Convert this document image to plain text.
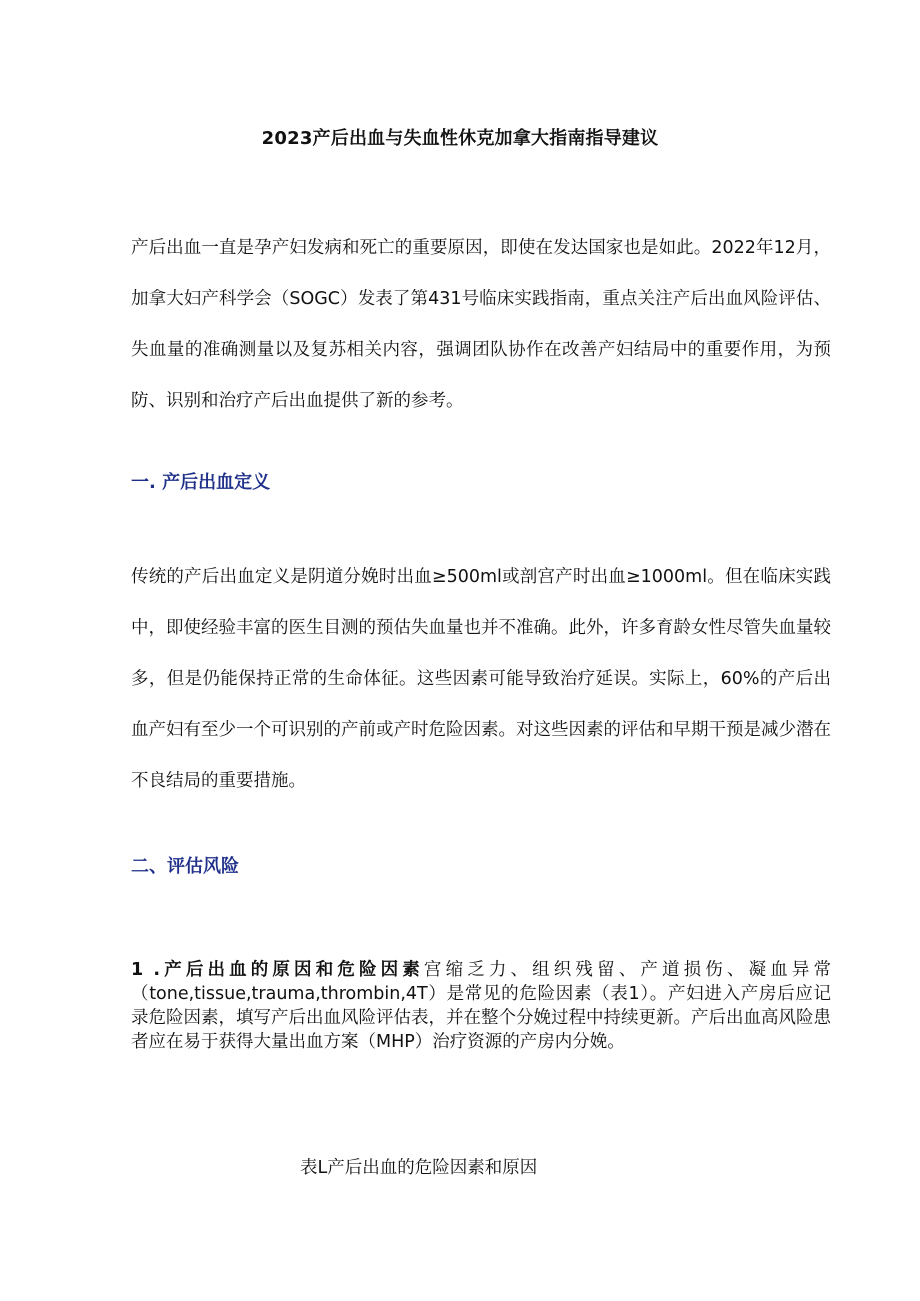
2023产后出血与失血性休克加拿大指南指导建议

产后出血一直是孕产妇发病和死亡的重要原因，即使在发达国家也是如此。2022年12月，加拿大妇产科学会（SOGC）发表了第431号临床实践指南，重点关注产后出血风险评估、失血量的准确测量以及复苏相关内容，强调团队协作在改善产妇结局中的重要作用，为预防、识别和治疗产后出血提供了新的参考。

一. 产后出血定义

传统的产后出血定义是阴道分娩时出血≥500ml或剖宫产时出血≥1000ml。但在临床实践中，即使经验丰富的医生目测的预估失血量也并不准确。此外，许多育龄女性尽管失血量较多，但是仍能保持正常的生命体征。这些因素可能导致治疗延误。实际上，60%的产后出血产妇有至少一个可识别的产前或产时危险因素。对这些因素的评估和早期干预是减少潜在不良结局的重要措施。

二、评估风险

1 .产后出血的原因和危险因素宫缩乏力、组织残留、产道损伤、凝血异常（tone,tissue,trauma,thrombin,4T）是常见的危险因素（表1）。产妇进入产房后应记录危险因素，填写产后出血风险评估表，并在整个分娩过程中持续更新。产后出血高风险患者应在易于获得大量出血方案（MHP）治疗资源的产房内分娩。

表L产后出血的危险因素和原因
